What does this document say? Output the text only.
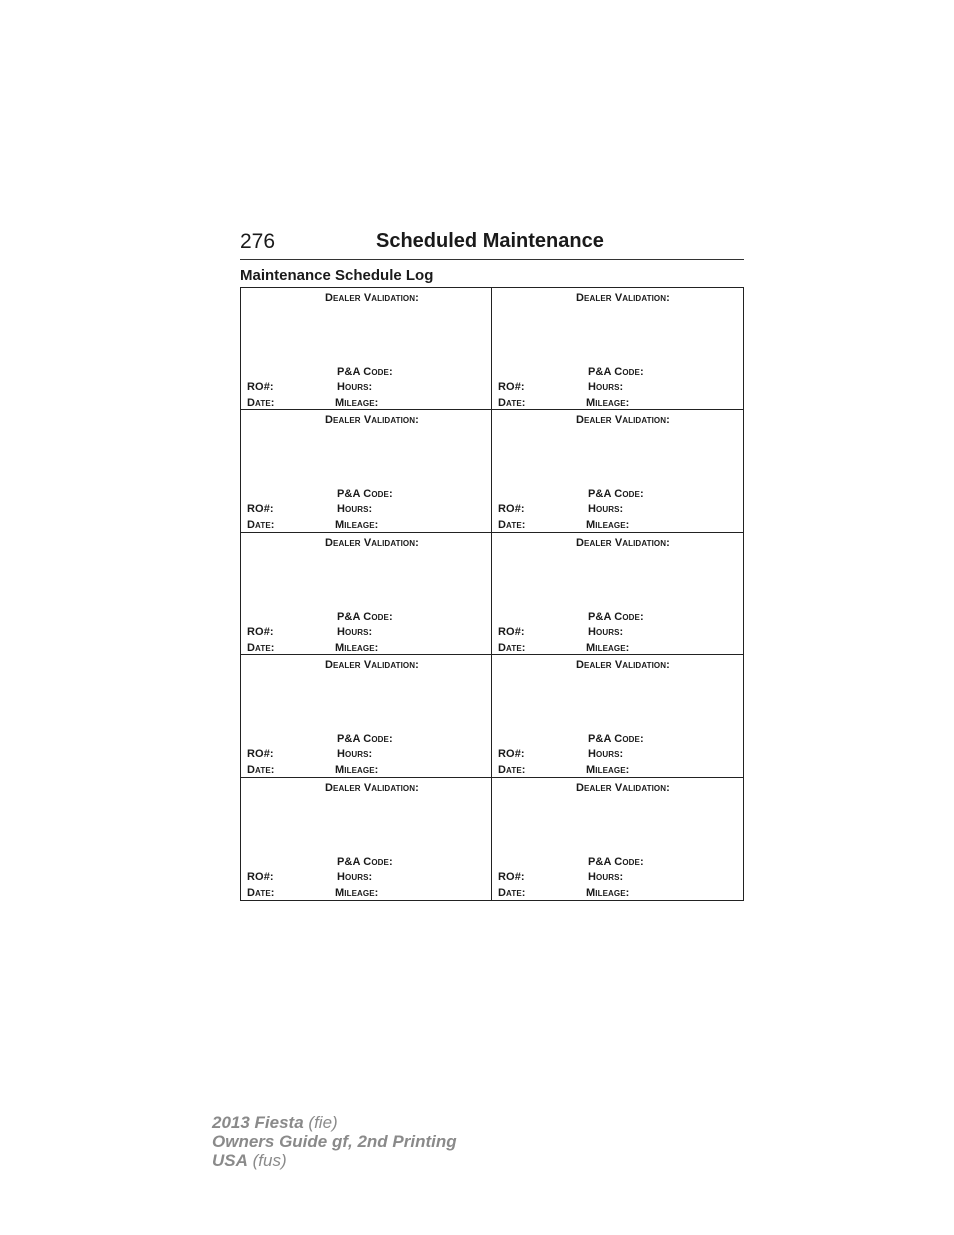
276	Scheduled Maintenance
Maintenance Schedule Log
Dealer Validation:
P&A Code:
RO#:	Hours:
Date:	Mileage:
Dealer Validation:
P&A Code:
RO#:	Hours:
Date:	Mileage:
Dealer Validation:
P&A Code:
RO#:	Hours:
Date:	Mileage:
Dealer Validation:
P&A Code:
RO#:	Hours:
Date:	Mileage:
Dealer Validation:
P&A Code:
RO#:	Hours:
Date:	Mileage:
Dealer Validation:
P&A Code:
RO#:	Hours:
Date:	Mileage:
Dealer Validation:
P&A Code:
RO#:	Hours:
Date:	Mileage:
Dealer Validation:
P&A Code:
RO#:	Hours:
Date:	Mileage:
Dealer Validation:
P&A Code:
RO#:	Hours:
Date:	Mileage:
Dealer Validation:
P&A Code:
RO#:	Hours:
Date:	Mileage:
2013 Fiesta (fie)
Owners Guide gf, 2nd Printing
USA (fus)
